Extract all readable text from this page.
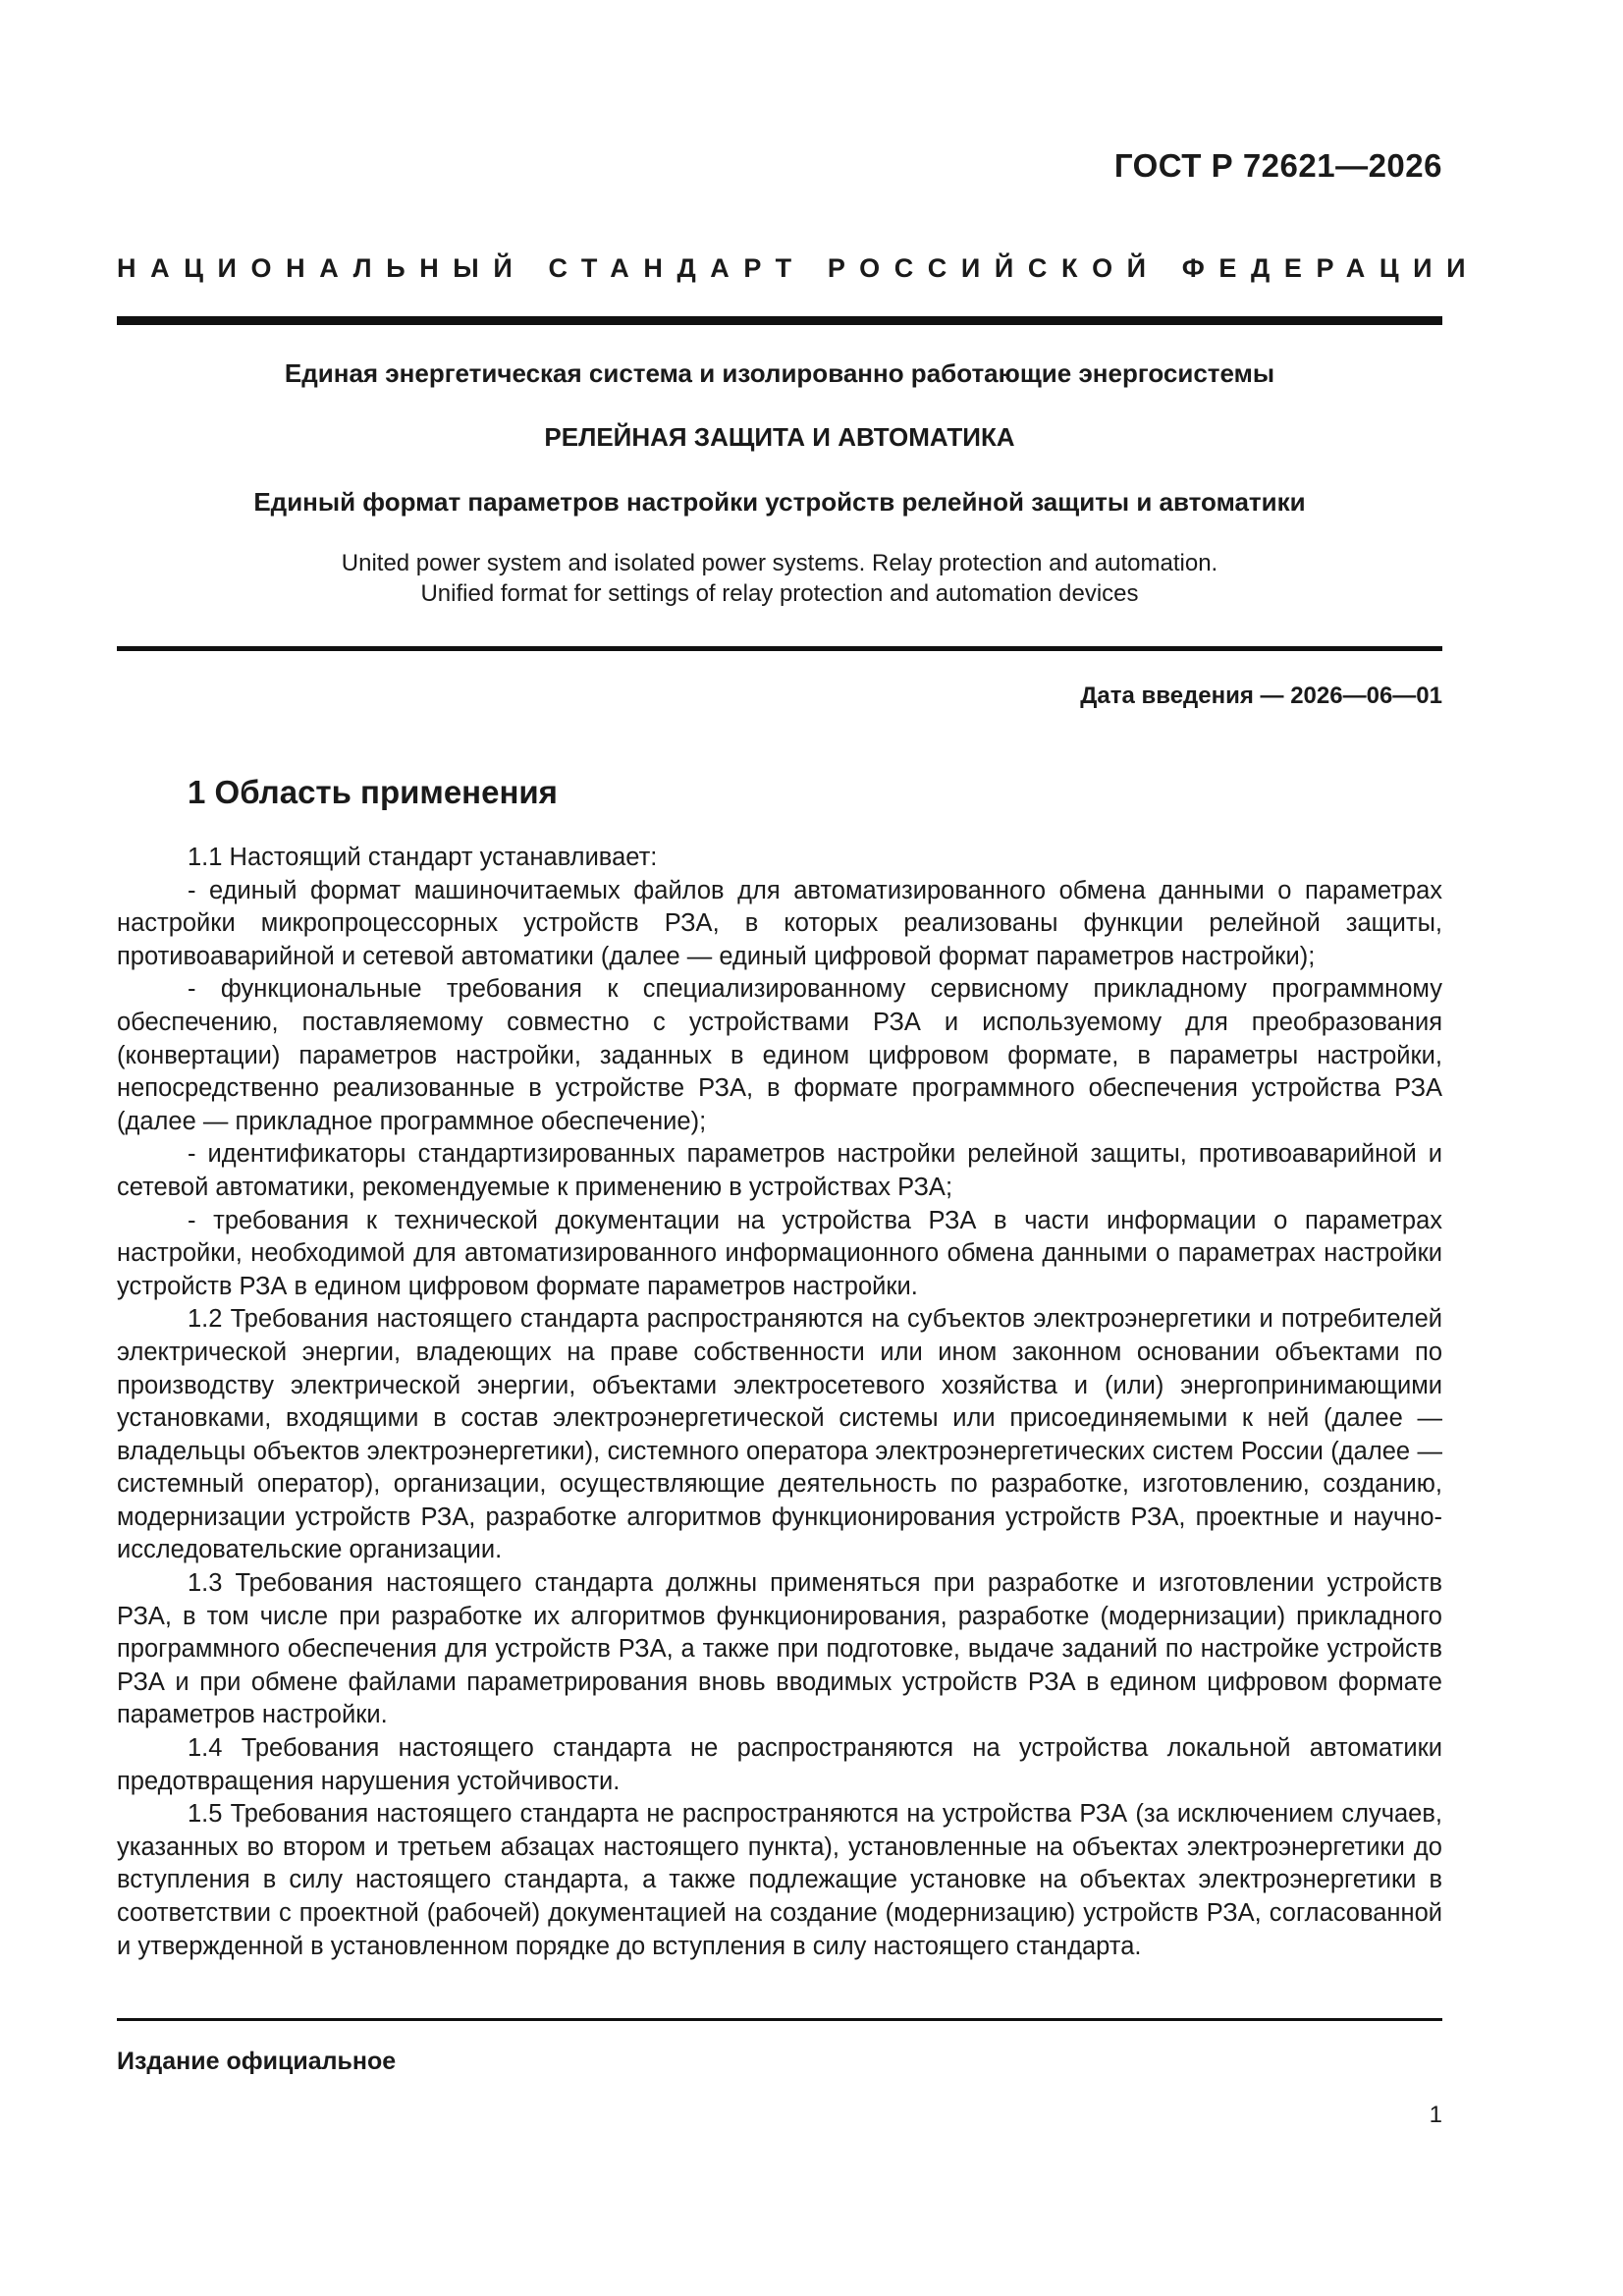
ГОСТ Р 72621—2026
НАЦИОНАЛЬНЫЙ СТАНДАРТ РОССИЙСКОЙ ФЕДЕРАЦИИ
Единая энергетическая система и изолированно работающие энергосистемы
РЕЛЕЙНАЯ ЗАЩИТА И АВТОМАТИКА
Единый формат параметров настройки устройств релейной защиты и автоматики
United power system and isolated power systems. Relay protection and automation.
Unified format for settings of relay protection and automation devices
Дата введения — 2026—06—01
1 Область применения

1.1 Настоящий стандарт устанавливает:

- единый формат машиночитаемых файлов для автоматизированного обмена данными о параметрах настройки микропроцессорных устройств РЗА, в которых реализованы функции релейной защиты, противоаварийной и сетевой автоматики (далее — единый цифровой формат параметров настройки);

- функциональные требования к специализированному сервисному прикладному программному обеспечению, поставляемому совместно с устройствами РЗА и используемому для преобразования (конвертации) параметров настройки, заданных в едином цифровом формате, в параметры настройки, непосредственно реализованные в устройстве РЗА, в формате программного обеспечения устройства РЗА (далее — прикладное программное обеспечение);

- идентификаторы стандартизированных параметров настройки релейной защиты, противоаварийной и сетевой автоматики, рекомендуемые к применению в устройствах РЗА;

- требования к технической документации на устройства РЗА в части информации о параметрах настройки, необходимой для автоматизированного информационного обмена данными о параметрах настройки устройств РЗА в едином цифровом формате параметров настройки.

1.2 Требования настоящего стандарта распространяются на субъектов электроэнергетики и потребителей электрической энергии, владеющих на праве собственности или ином законном основании объектами по производству электрической энергии, объектами электросетевого хозяйства и (или) энергопринимающими установками, входящими в состав электроэнергетической системы или присоединяемыми к ней (далее — владельцы объектов электроэнергетики), системного оператора электроэнергетических систем России (далее — системный оператор), организации, осуществляющие деятельность по разработке, изготовлению, созданию, модернизации устройств РЗА, разработке алгоритмов функционирования устройств РЗА, проектные и научно-исследовательские организации.

1.3 Требования настоящего стандарта должны применяться при разработке и изготовлении устройств РЗА, в том числе при разработке их алгоритмов функционирования, разработке (модернизации) прикладного программного обеспечения для устройств РЗА, а также при подготовке, выдаче заданий по настройке устройств РЗА и при обмене файлами параметрирования вновь вводимых устройств РЗА в едином цифровом формате параметров настройки.

1.4 Требования настоящего стандарта не распространяются на устройства локальной автоматики предотвращения нарушения устойчивости.

1.5 Требования настоящего стандарта не распространяются на устройства РЗА (за исключением случаев, указанных во втором и третьем абзацах настоящего пункта), установленные на объектах электроэнергетики до вступления в силу настоящего стандарта, а также подлежащие установке на объектах электроэнергетики в соответствии с проектной (рабочей) документацией на создание (модернизацию) устройств РЗА, согласованной и утвержденной в установленном порядке до вступления в силу настоящего стандарта.

Издание официальное
1
